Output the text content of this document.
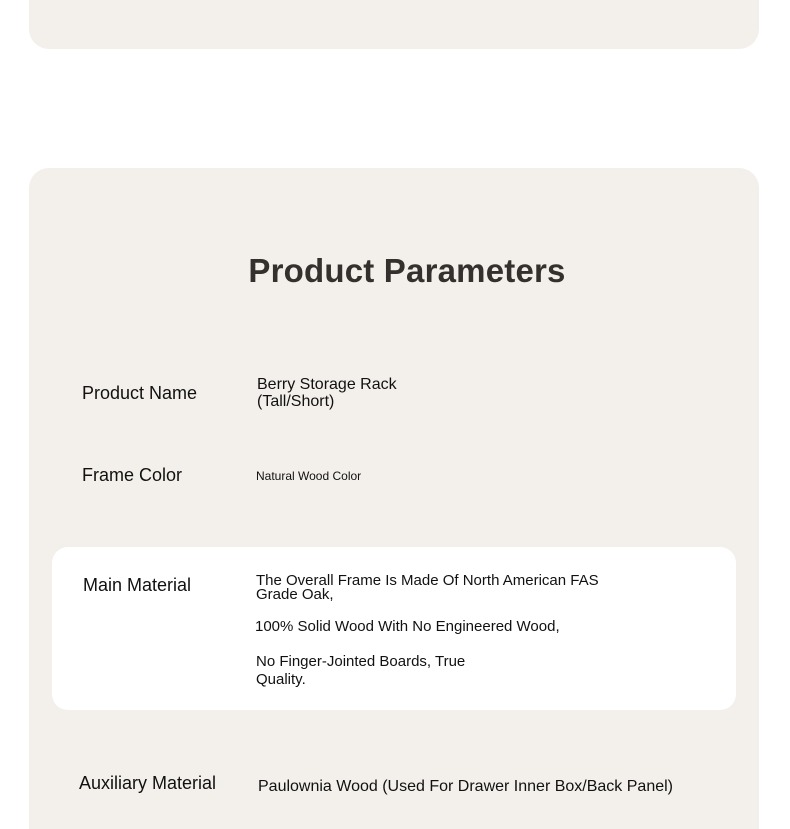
Product Parameters
Product Name	Berry Storage Rack
(Tall/Short)
Frame Color	Natural Wood Color
Main Material	The Overall Frame Is Made Of North American FAS
Grade Oak,
100% Solid Wood With No Engineered Wood,
No Finger-Jointed Boards, True
Quality.
Auxiliary Material	Paulownia Wood (Used For Drawer Inner Box/Back Panel)
